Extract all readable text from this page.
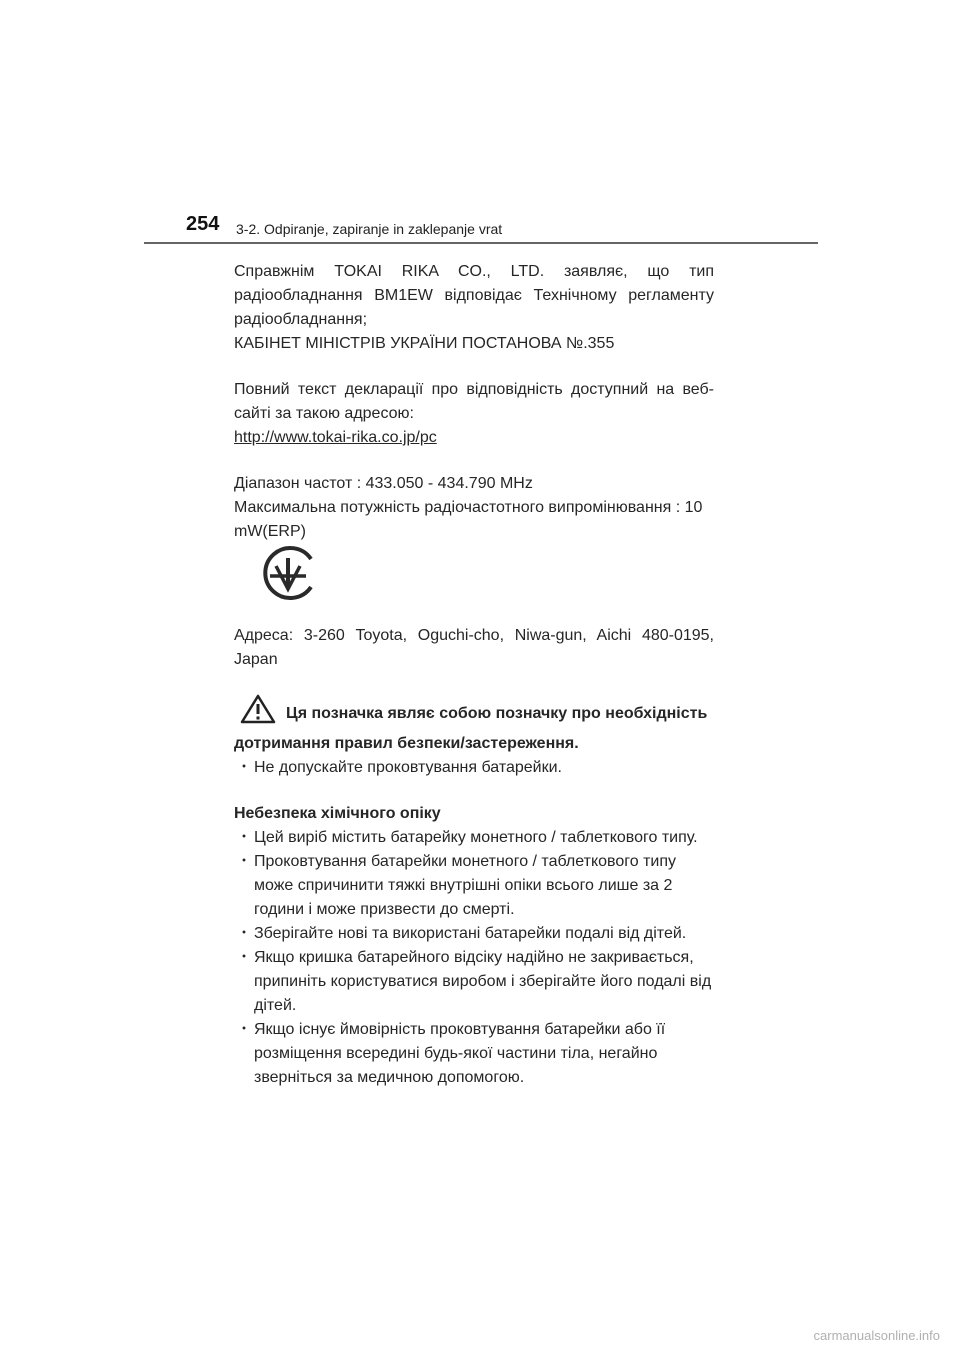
254 3-2. Odpiranje, zapiranje in zaklepanje vrat

Справжнім TOKAI RIKA CO., LTD. заявляє, що тип радіообладнання BM1EW відповідає Технічному регламенту радіообладнання;
КАБІНЕТ МІНІСТРІВ УКРАЇНИ ПОСТАНОВА №.355

Повний текст декларації про відповідність доступний на веб-сайті за такою адресою:
http://www.tokai-rika.co.jp/pc

Діапазон частот : 433.050 - 434.790 MHz

Максимальна потужність радіочастотного випромінювання : 10 mW(ERP)

Адреса: 3-260 Toyota, Oguchi-cho, Niwa-gun, Aichi 480-0195, Japan

Ця позначка являє собою позначку про необхідність дотримання правил безпеки/застереження.

・ Не допускайте проковтування батарейки.

Небезпека хімічного опіку

・ Цей виріб містить батарейку монетного / таблеткового типу.

・ Проковтування батарейки монетного / таблеткового типу може спричинити тяжкі внутрішні опіки всього лише за 2 години і може призвести до смерті.

・ Зберігайте нові та використані батарейки подалі від дітей.

・ Якщо кришка батарейного відсіку надійно не закривається, припиніть користуватися виробом і зберігайте його подалі від дітей.

・ Якщо існує ймовірність проковтування батарейки або її розміщення всередині будь-якої частини тіла, негайно зверніться за медичною допомогою.

carmanualsonline.info
